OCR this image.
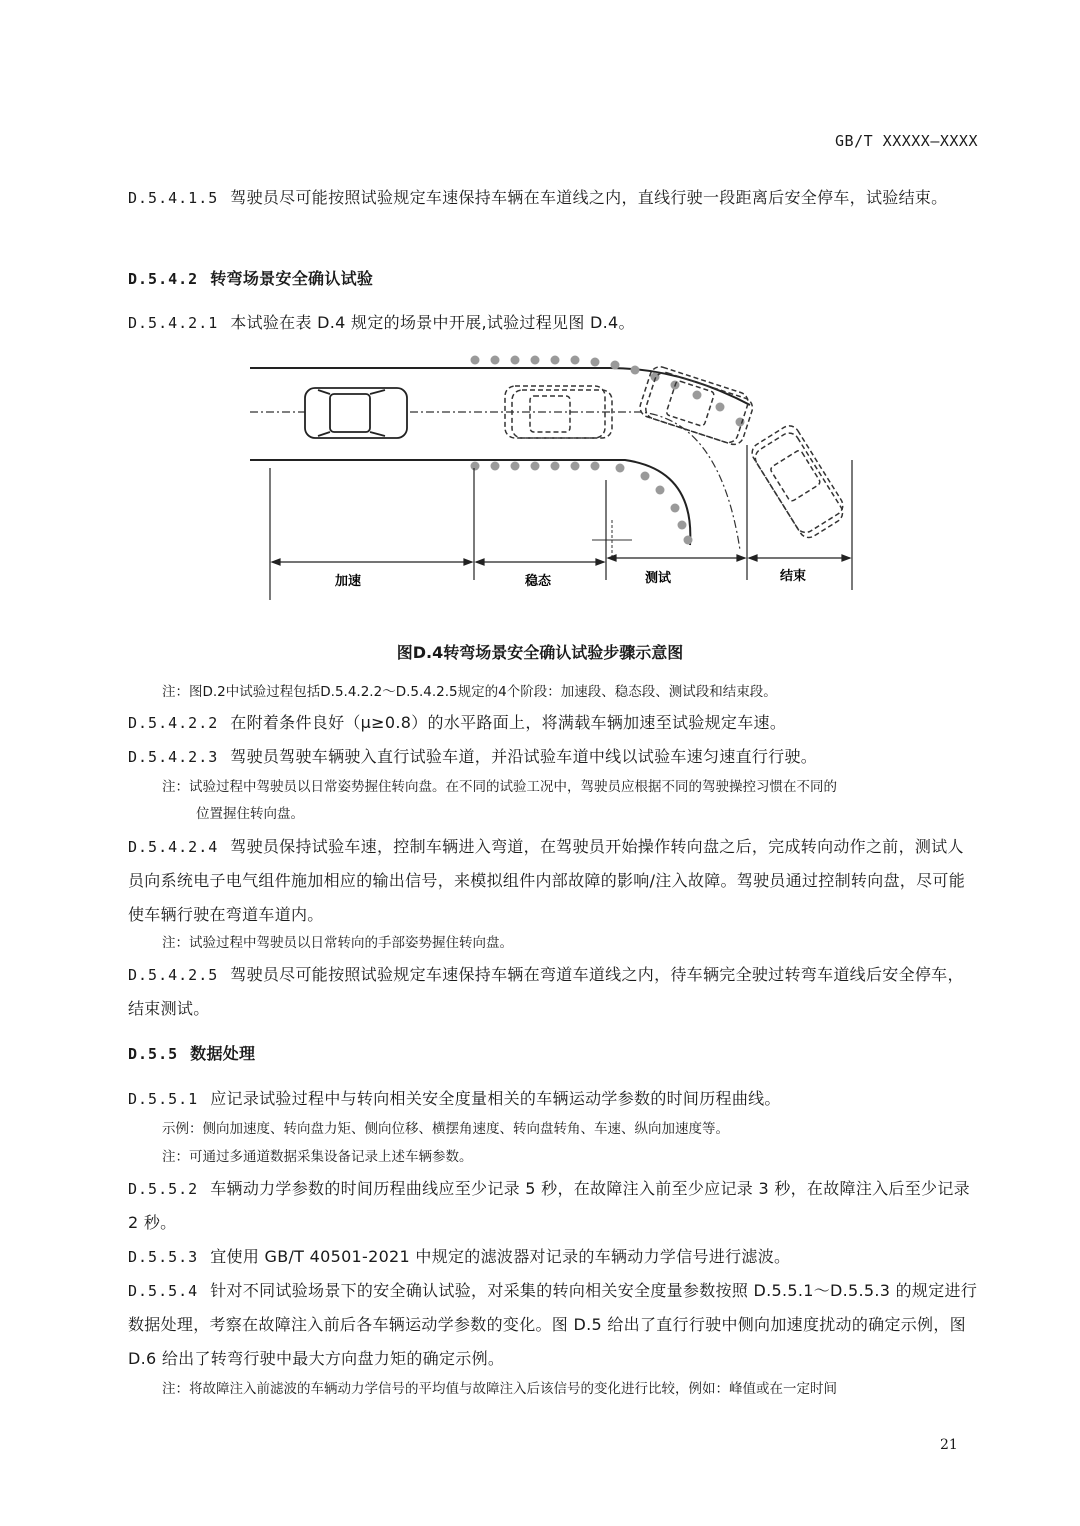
GB/T XXXXX—XXXX
D.5.4.1.5 驾驶员尽可能按照试验规定车速保持车辆在车道线之内，直线行驶一段距离后安全停车，试验结束。
D.5.4.2 转弯场景安全确认试验
D.5.4.2.1 本试验在表 D.4 规定的场景中开展,试验过程见图 D.4。
加速	稳态	测试	结束
图D.4转弯场景安全确认试验步骤示意图
注：图D.2中试验过程包括D.5.4.2.2～D.5.4.2.5规定的4个阶段：加速段、稳态段、测试段和结束段。
D.5.4.2.2 在附着条件良好（μ≥0.8）的水平路面上，将满载车辆加速至试验规定车速。
D.5.4.2.3 驾驶员驾驶车辆驶入直行试验车道，并沿试验车道中线以试验车速匀速直行行驶。
注：试验过程中驾驶员以日常姿势握住转向盘。在不同的试验工况中，驾驶员应根据不同的驾驶操控习惯在不同的
位置握住转向盘。
D.5.4.2.4 驾驶员保持试验车速，控制车辆进入弯道，在驾驶员开始操作转向盘之后，完成转向动作之前，测试人员向系统电子电气组件施加相应的输出信号，来模拟组件内部故障的影响/注入故障。驾驶员通过控制转向盘，尽可能使车辆行驶在弯道车道内。
注：试验过程中驾驶员以日常转向的手部姿势握住转向盘。
D.5.4.2.5 驾驶员尽可能按照试验规定车速保持车辆在弯道车道线之内，待车辆完全驶过转弯车道线后安全停车，结束测试。
D.5.5 数据处理
D.5.5.1 应记录试验过程中与转向相关安全度量相关的车辆运动学参数的时间历程曲线。
示例：侧向加速度、转向盘力矩、侧向位移、横摆角速度、转向盘转角、车速、纵向加速度等。
注：可通过多通道数据采集设备记录上述车辆参数。
D.5.5.2 车辆动力学参数的时间历程曲线应至少记录 5 秒，在故障注入前至少应记录 3 秒，在故障注入后至少记录 2 秒。
D.5.5.3 宜使用 GB/T 40501-2021 中规定的滤波器对记录的车辆动力学信号进行滤波。
D.5.5.4 针对不同试验场景下的安全确认试验，对采集的转向相关安全度量参数按照 D.5.5.1～D.5.5.3 的规定进行数据处理，考察在故障注入前后各车辆运动学参数的变化。图 D.5 给出了直行行驶中侧向加速度扰动的确定示例，图 D.6 给出了转弯行驶中最大方向盘力矩的确定示例。
注：将故障注入前滤波的车辆动力学信号的平均值与故障注入后该信号的变化进行比较，例如：峰值或在一定时间
21
